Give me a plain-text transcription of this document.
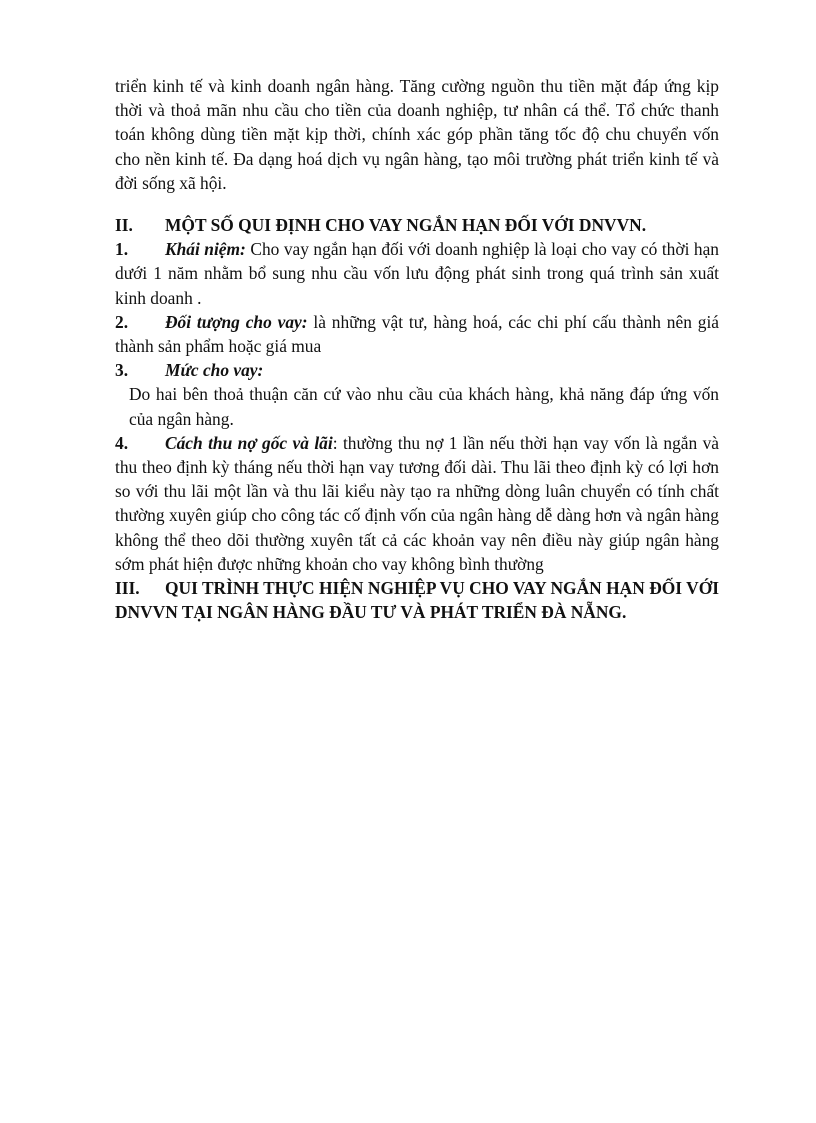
triển kinh tế và kinh doanh ngân hàng. Tăng cường nguồn thu tiền mặt đáp ứng kịp thời và thoả mãn nhu cầu cho tiền của doanh nghiệp, tư nhân cá thể. Tổ chức thanh toán không dùng tiền mặt kịp thời, chính xác góp phần tăng tốc độ chu chuyển vốn cho nền kinh tế. Đa dạng hoá dịch vụ ngân hàng, tạo môi trường phát triển kinh tế và đời sống xã hội.

II. MỘT SỐ QUI ĐỊNH CHO VAY NGẮN HẠN ĐỐI VỚI DNVVN.

1. Khái niệm: Cho vay ngắn hạn đối với doanh nghiệp là loại cho vay có thời hạn dưới 1 năm nhằm bổ sung nhu cầu vốn lưu động phát sinh trong quá trình sản xuất kinh doanh .

2. Đối tượng cho vay: là những vật tư, hàng hoá, các chi phí cấu thành nên giá thành sản phẩm hoặc giá mua

3. Mức cho vay:

Do hai bên thoả thuận căn cứ vào nhu cầu của khách hàng, khả năng đáp ứng vốn của ngân hàng.

4. Cách thu nợ gốc và lãi: thường thu nợ 1 lần nếu thời hạn vay vốn là ngắn và thu theo định kỳ tháng nếu thời hạn vay tương đối dài. Thu lãi theo định kỳ có lợi hơn so với thu lãi một lần và thu lãi kiểu này tạo ra những dòng luân chuyển có tính chất thường xuyên giúp cho công tác cố định vốn của ngân hàng dễ dàng hơn và ngân hàng không thể theo dõi thường xuyên tất cả các khoản vay nên điều này giúp ngân hàng sớm phát hiện được những khoản cho vay không bình thường

III. QUI TRÌNH THỰC HIỆN NGHIỆP VỤ CHO VAY NGẮN HẠN ĐỐI VỚI DNVVN TẠI NGÂN HÀNG ĐẦU TƯ VÀ PHÁT TRIỂN ĐÀ NẴNG.
